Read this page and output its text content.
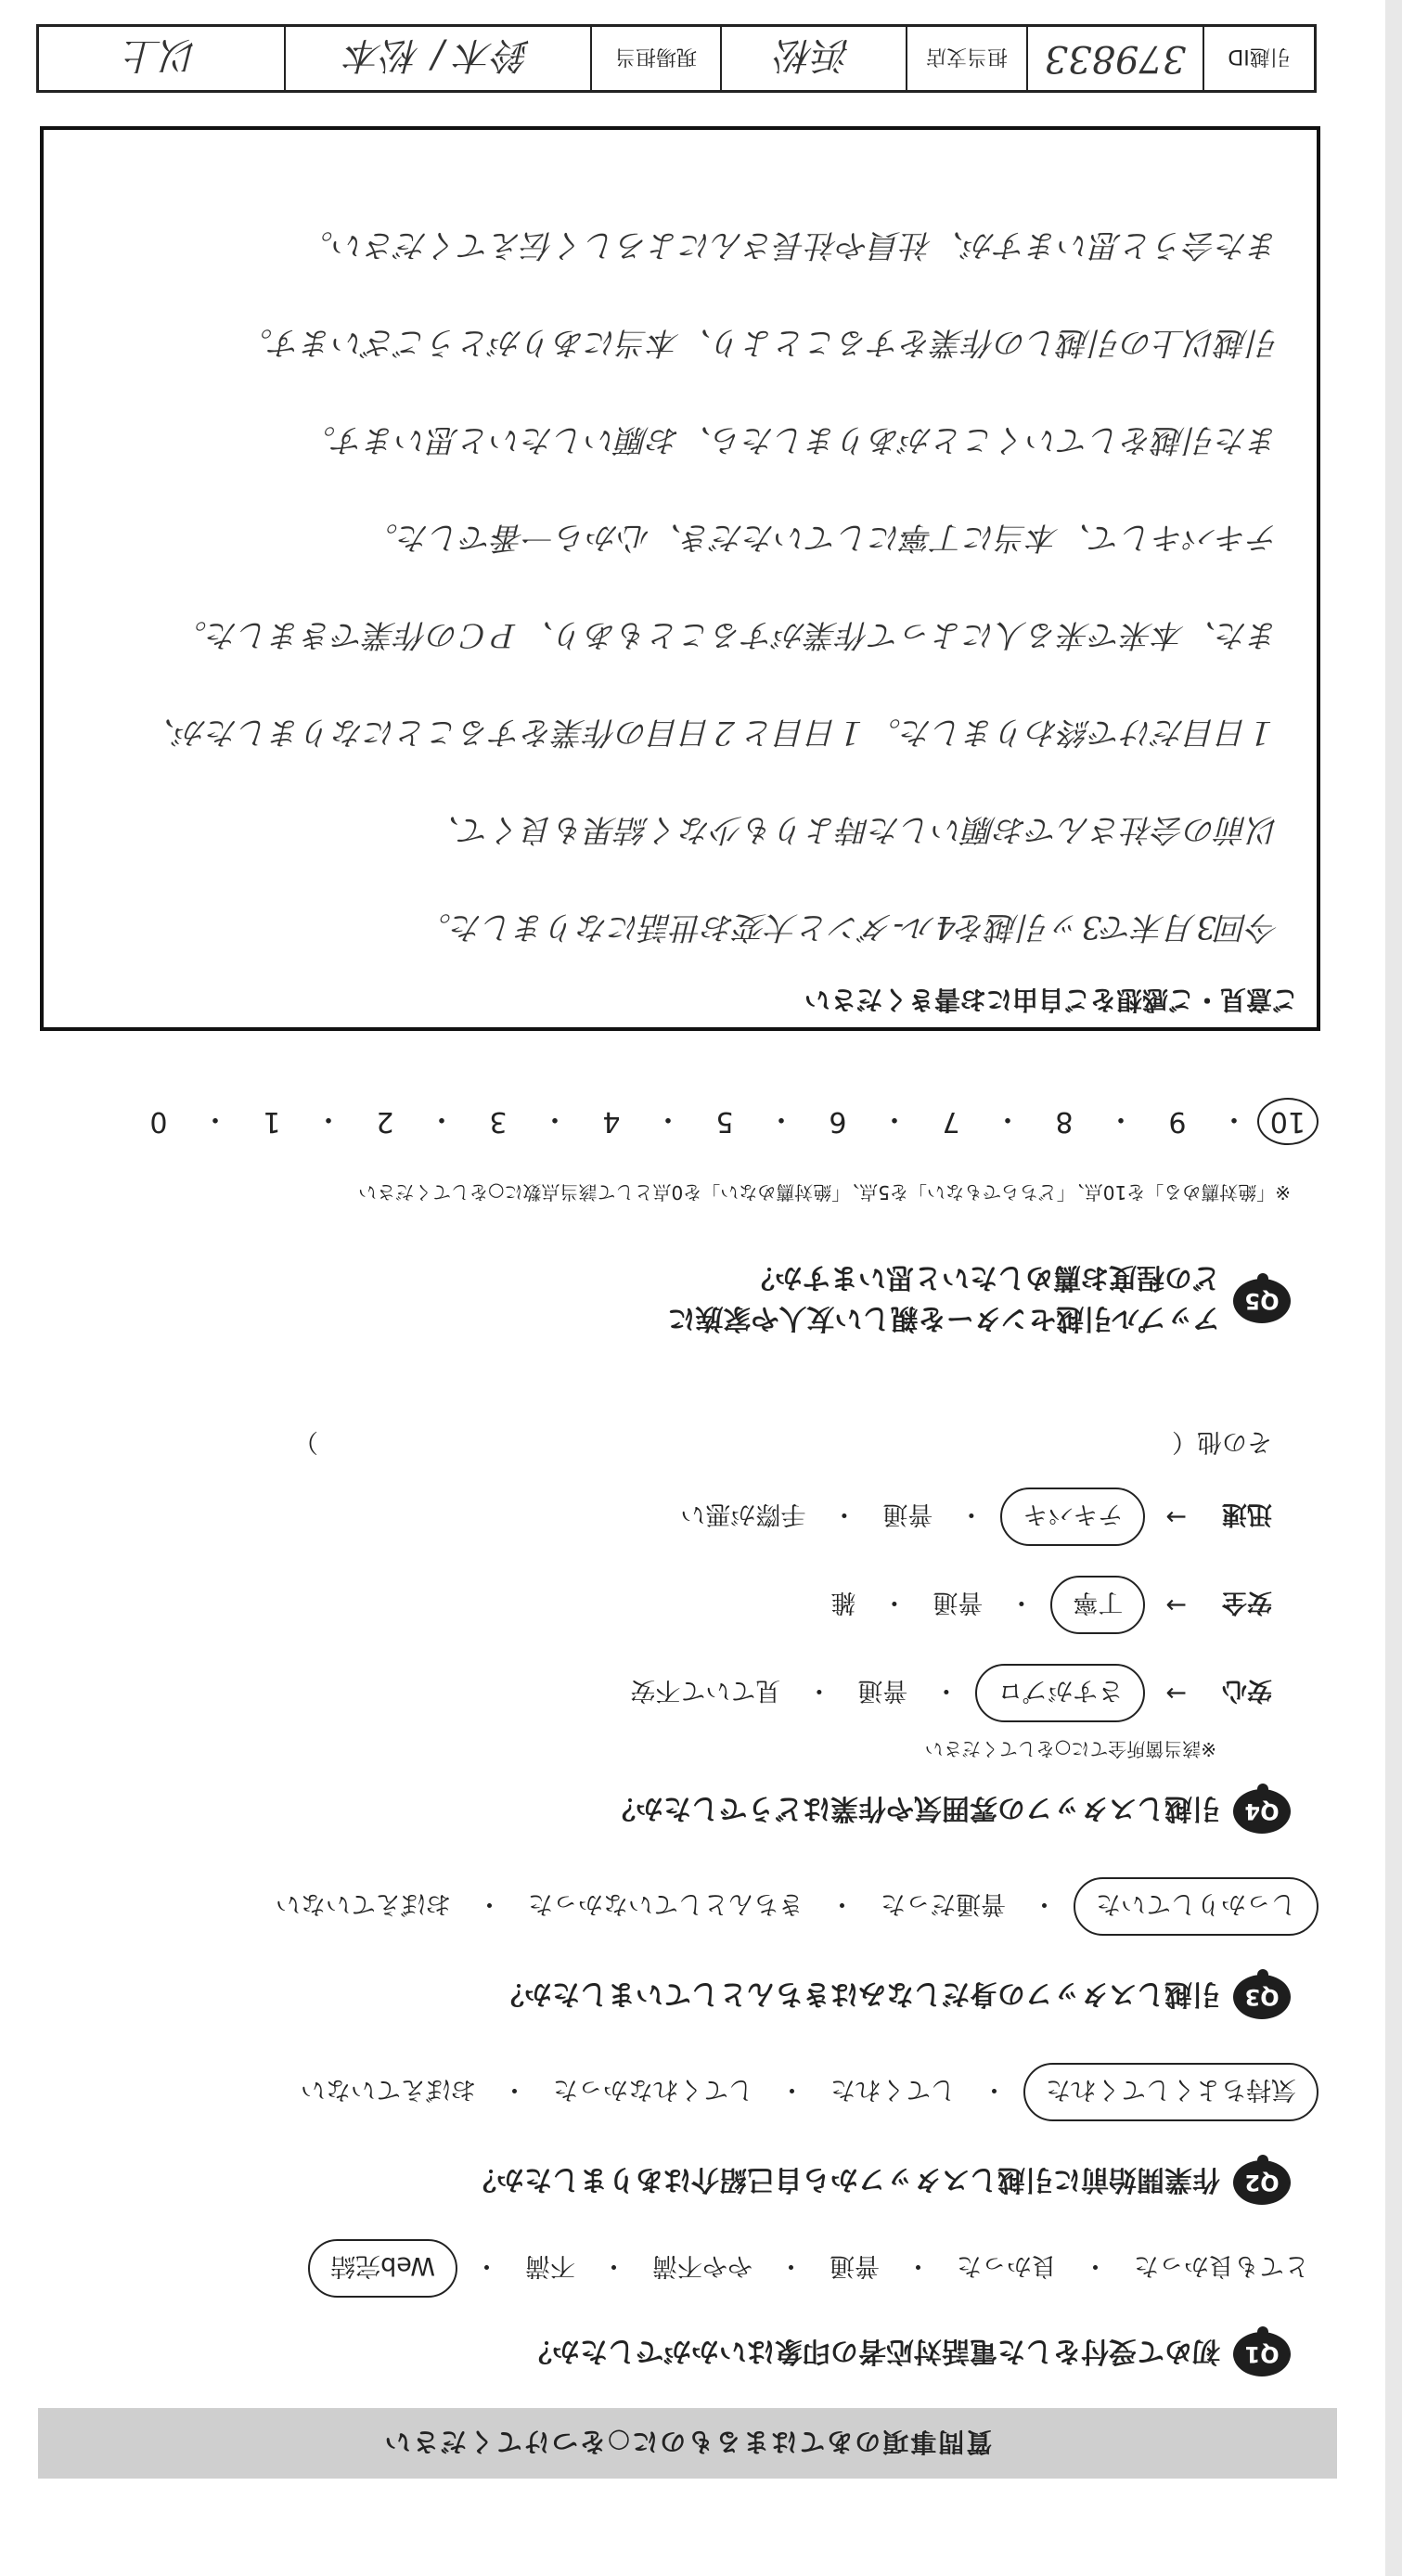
引越ID
379833
担当支店
浜松
現場担当
鈴木 / 松本
以上
質問事項のあてはまるものに○をつけてください
Q1
初めて受付をした電話対応者の印象はいかがでしたか？
とても良かった
・
良かった
・
普通
・
やや不満
・
不満
・
Web完結
Q2
作業開始前に引越しスタッフから自己紹介はありましたか？
気持ちよくしてくれた
・
してくれた
・
してくれなかった
・
おぼえていない
Q3
引越しスタッフの身だしなみはきちんとしていましたか？
しっかりしていた
・
普通だった
・
きちんとしていなかった
・
おぼえていない
Q4
引越しスタッフの雰囲気や作業はどうでしたか？
※該当箇所全てに○をしてください
安心
→
さすがプロ
・
普通
・
見ていて不安
安全
→
丁寧
・
普通
・
雑
迅速
→
テキパキ
・
普通
・
手際が悪い
その他（
）
Q5
アップル引越センターを親しい友人や家族に
どの程度お薦めしたいと思いますか？
※「絶対薦める」を10点、「どちらでもない」を5点、「絶対薦めない」を0点として該当点数に○をしてください
10
・
9
・
8
・
7
・
6
・
5
・
4
・
3
・
2
・
1
・
0
ご意見・ご感想をご自由にお書きください
今回3月末で3ッ引越を4ル-ダンと大変お世話になりました。
以前の会社さんでお願いした時よりも少なく結果も良くて、
１日目だけで終わりました。１日目と２日目の作業をすることになりましたが、
また、本来で来る人によって作業がすることもあり、ＰＣの作業できました。
テキパキして、本当に丁寧にしていただき、心から一番でした。
また引越をしていくことがありましたら、お願いしたいと思います。
引越以上の引越しの作業をすることより、本当にありがとうございます。
また会うと思いますが、社員や社長さんによろしく伝えてください。
